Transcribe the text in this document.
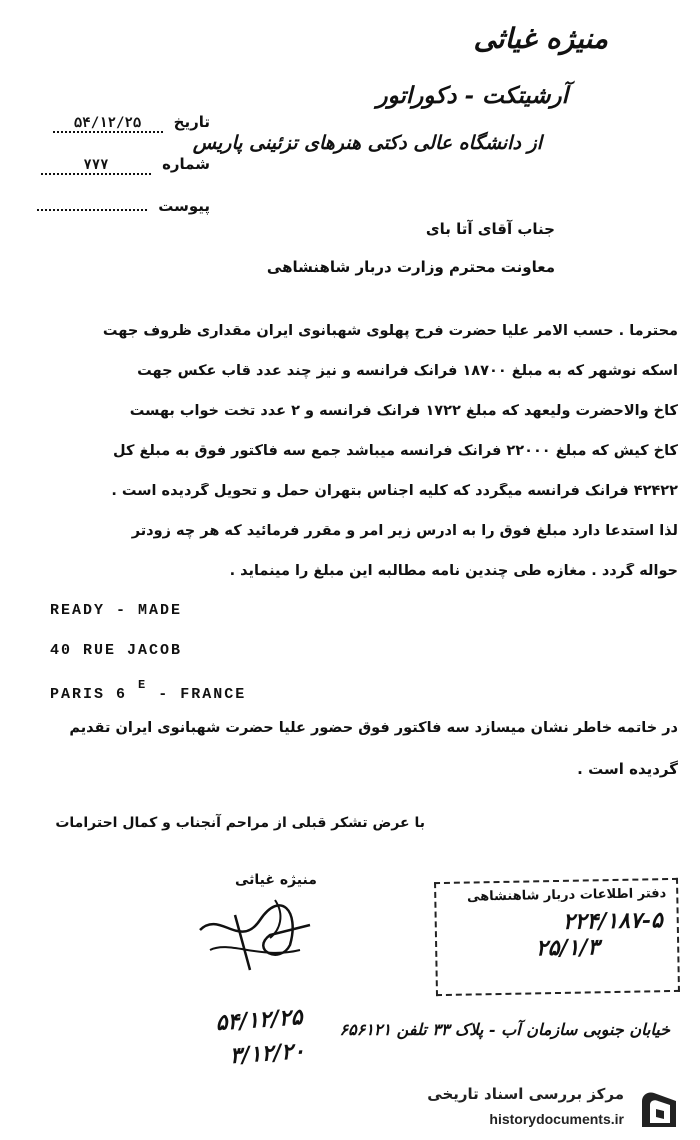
منیژه غیاثی
آرشیتکت - دکوراتور
از دانشگاه عالی دکتی هنرهای تزئینی پاریس
تاریخ ۵۴/۱۲/۲۵
شماره ۷۷۷
پیوست
جناب آقای آتا بای
معاونت محترم وزارت دربار شاهنشاهی
محترما . حسب الامر علیا حضرت فرح پهلوی شهبانوی ایران مقداری ظروف جهت
اسکه نوشهر که به مبلغ ۱۸۷۰۰ فرانک فرانسه و نیز چند عدد قاب عکس جهت
کاخ والاحضرت ولیعهد که مبلغ ۱۷۲۲ فرانک فرانسه و ۲ عدد تخت خواب بهست
کاخ کیش که مبلغ ۲۲۰۰۰ فرانک فرانسه میباشد جمع سه فاکتور فوق به مبلغ کل
۴۲۴۲۲ فرانک فرانسه میگردد که کلیه اجناس بتهران حمل و تحویل گردیده است .
لذا استدعا دارد مبلغ فوق را به آدرس زیر امر و مقرر فرمائید که هر چه زودتر
حواله گردد . مغازه طی چندین نامه مطالبه این مبلغ را مینماید .
READY - MADE
40 RUE JACOB
PARIS 6 $^E$ - FRANCE
در خاتمه خاطر نشان میسازد سه فاکتور فوق حضور علیا حضرت شهبانوی ایران تقدیم
گردیده است .
با عرض تشکر قبلی از مراحم آنجناب و کمال احترامات
منیژه غیاثی
دفتر اطلاعات دربار شاهنشاهی
۲۲۴/۱۸۷-۵
۲۵/۱/۳
خیابان جنوبی سازمان آب - پلاک ۳۳ تلفن ۶۵۶۱۲۱
۵۴/۱۲/۲۵
۳/۱۲/۲۰
مرکز بررسی اسناد تاریخی
historydocuments.ir
